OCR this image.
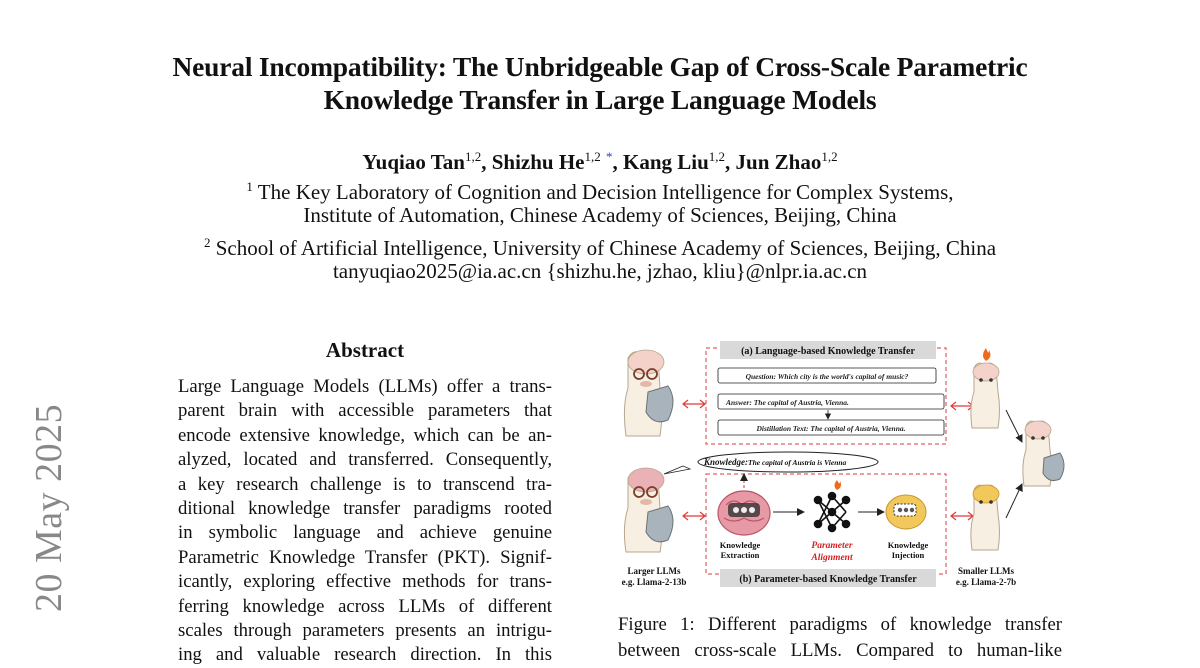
20 May 2025
Neural Incompatibility: The Unbridgeable Gap of Cross-Scale Parametric
Knowledge Transfer in Large Language Models
Yuqiao Tan$^{1,2}$, Shizhu He$^{1,2}$ *, Kang Liu$^{1,2}$, Jun Zhao$^{1,2}$
$^1$ The Key Laboratory of Cognition and Decision Intelligence for Complex Systems,
Institute of Automation, Chinese Academy of Sciences, Beijing, China
$^2$ School of Artificial Intelligence, University of Chinese Academy of Sciences, Beijing, China
tanyuqiao2025@ia.ac.cn {shizhu.he, jzhao, kliu}@nlpr.ia.ac.cn
Abstract
Large Language Models (LLMs) offer a trans-
parent brain with accessible parameters that
encode extensive knowledge, which can be an-
alyzed, located and transferred. Consequently,
a key research challenge is to transcend tra-
ditional knowledge transfer paradigms rooted
in symbolic language and achieve genuine
Parametric Knowledge Transfer (PKT). Signif-
icantly, exploring effective methods for trans-
ferring knowledge across LLMs of different
scales through parameters presents an intrigu-
ing and valuable research direction. In this
(a) Language-based Knowledge Transfer
Question: Which city is the world's capital of music?
Answer: The capital of Austria, Vienna.
Distillation Text: The capital of Austria, Vienna.
(b) Parameter-based Knowledge Transfer
Knowledge:The capital of Austria is Vienna
Knowledge
Extraction
Parameter
Alignment
Knowledge
Injection
Larger LLMs
e.g. Llama-2-13b
Smaller LLMs
e.g. Llama-2-7b
Figure 1: Different paradigms of knowledge transfer
between cross-scale LLMs. Compared to human-like
